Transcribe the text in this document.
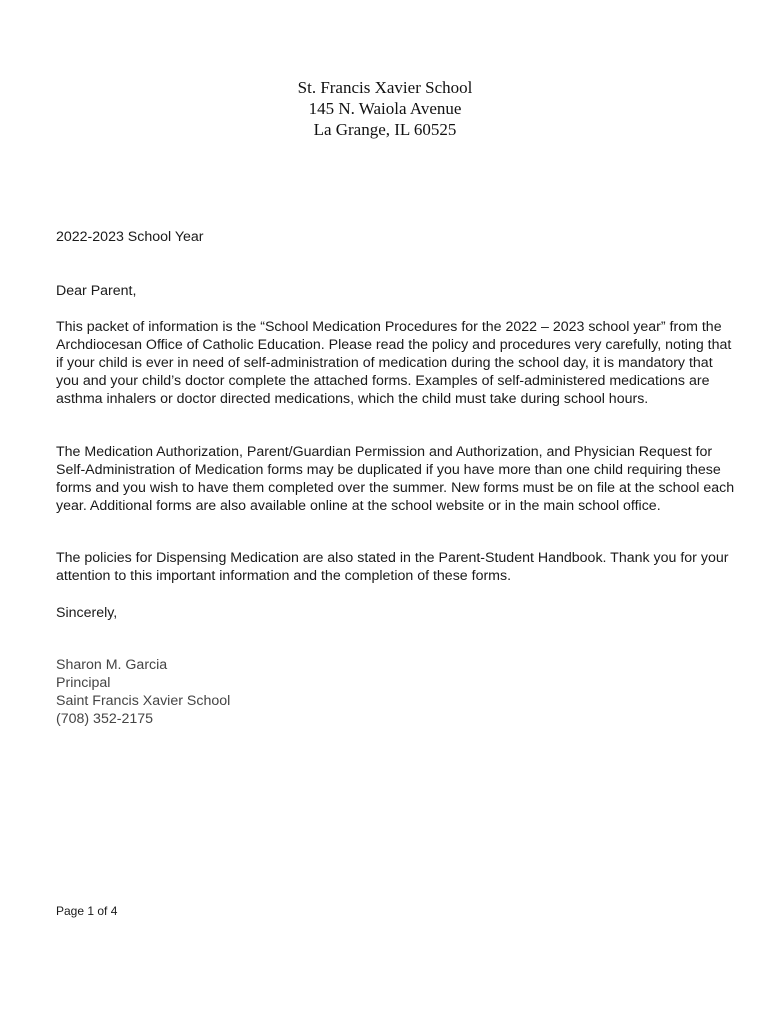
St. Francis Xavier School
145 N. Waiola Avenue
La Grange, IL 60525
2022-2023 School Year
Dear Parent,

This packet of information is the “School Medication Procedures for the 2022 – 2023 school year” from the Archdiocesan Office of Catholic Education. Please read the policy and procedures very carefully, noting that if your child is ever in need of self-administration of medication during the school day, it is mandatory that you and your child’s doctor complete the attached forms. Examples of self-administered medications are asthma inhalers or doctor directed medications, which the child must take during school hours.

The Medication Authorization, Parent/Guardian Permission and Authorization, and Physician Request for Self-Administration of Medication forms may be duplicated if you have more than one child requiring these forms and you wish to have them completed over the summer. New forms must be on file at the school each year. Additional forms are also available online at the school website or in the main school office.

The policies for Dispensing Medication are also stated in the Parent-Student Handbook. Thank you for your attention to this important information and the completion of these forms.

Sincerely,
Sharon M. Garcia
Principal
Saint Francis Xavier School
(708) 352-2175
Page 1 of 4
